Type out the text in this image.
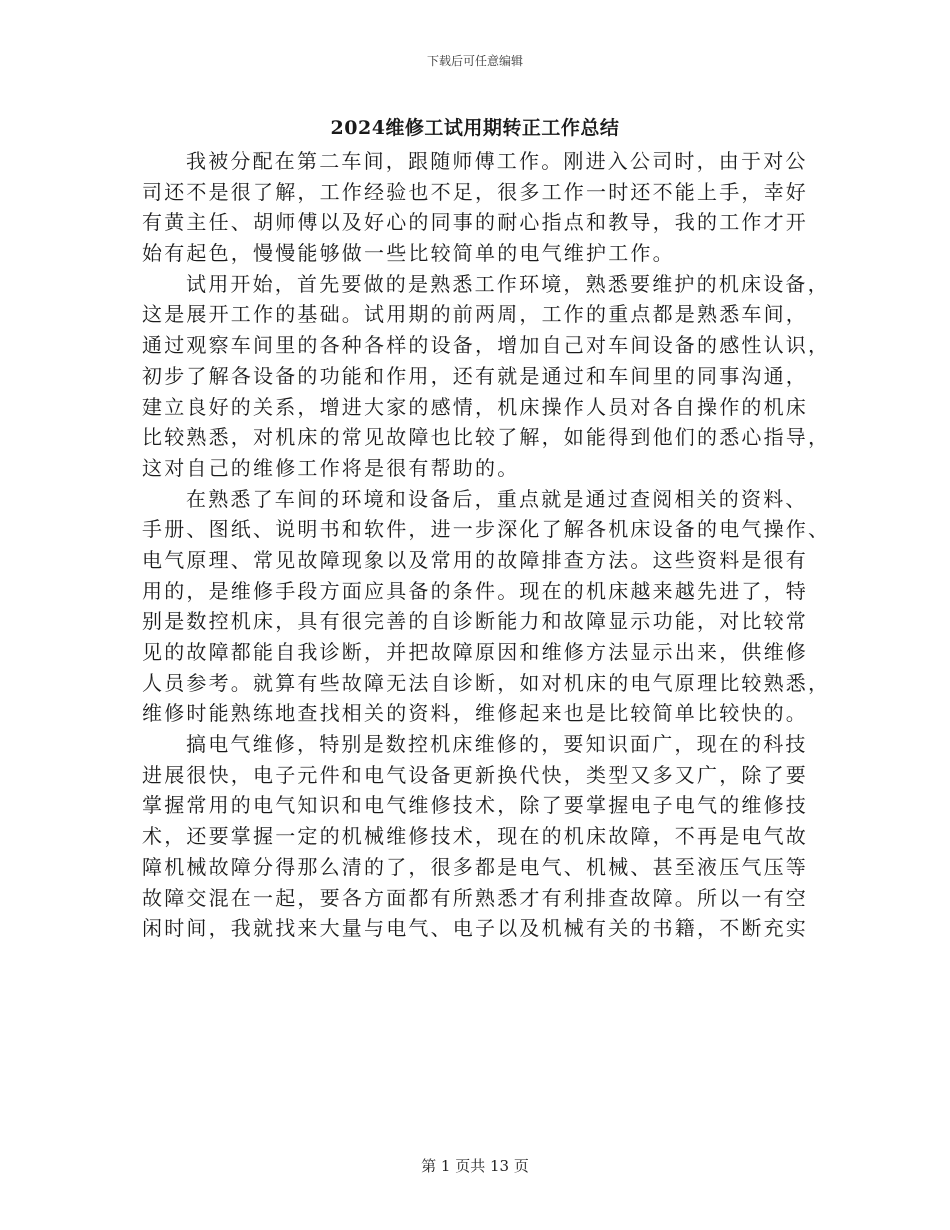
下载后可任意编辑
2024维修工试用期转正工作总结
我被分配在第二车间，跟随师傅工作。刚进入公司时，由于对公
司还不是很了解，工作经验也不足，很多工作一时还不能上手，幸好
有黄主任、胡师傅以及好心的同事的耐心指点和教导，我的工作才开
始有起色，慢慢能够做一些比较简单的电气维护工作。
试用开始，首先要做的是熟悉工作环境，熟悉要维护的机床设备，
这是展开工作的基础。试用期的前两周，工作的重点都是熟悉车间，
通过观察车间里的各种各样的设备，增加自己对车间设备的感性认识，
初步了解各设备的功能和作用，还有就是通过和车间里的同事沟通，
建立良好的关系，增进大家的感情，机床操作人员对各自操作的机床
比较熟悉，对机床的常见故障也比较了解，如能得到他们的悉心指导，
这对自己的维修工作将是很有帮助的。
在熟悉了车间的环境和设备后，重点就是通过查阅相关的资料、
手册、图纸、说明书和软件，进一步深化了解各机床设备的电气操作、
电气原理、常见故障现象以及常用的故障排查方法。这些资料是很有
用的，是维修手段方面应具备的条件。现在的机床越来越先进了，特
别是数控机床，具有很完善的自诊断能力和故障显示功能，对比较常
见的故障都能自我诊断，并把故障原因和维修方法显示出来，供维修
人员参考。就算有些故障无法自诊断，如对机床的电气原理比较熟悉，
维修时能熟练地查找相关的资料，维修起来也是比较简单比较快的。
搞电气维修，特别是数控机床维修的，要知识面广，现在的科技
进展很快，电子元件和电气设备更新换代快，类型又多又广，除了要
掌握常用的电气知识和电气维修技术，除了要掌握电子电气的维修技
术，还要掌握一定的机械维修技术，现在的机床故障，不再是电气故
障机械故障分得那么清的了，很多都是电气、机械、甚至液压气压等
故障交混在一起，要各方面都有所熟悉才有利排查故障。所以一有空
闲时间，我就找来大量与电气、电子以及机械有关的书籍，不断充实
第 1 页共 13 页
